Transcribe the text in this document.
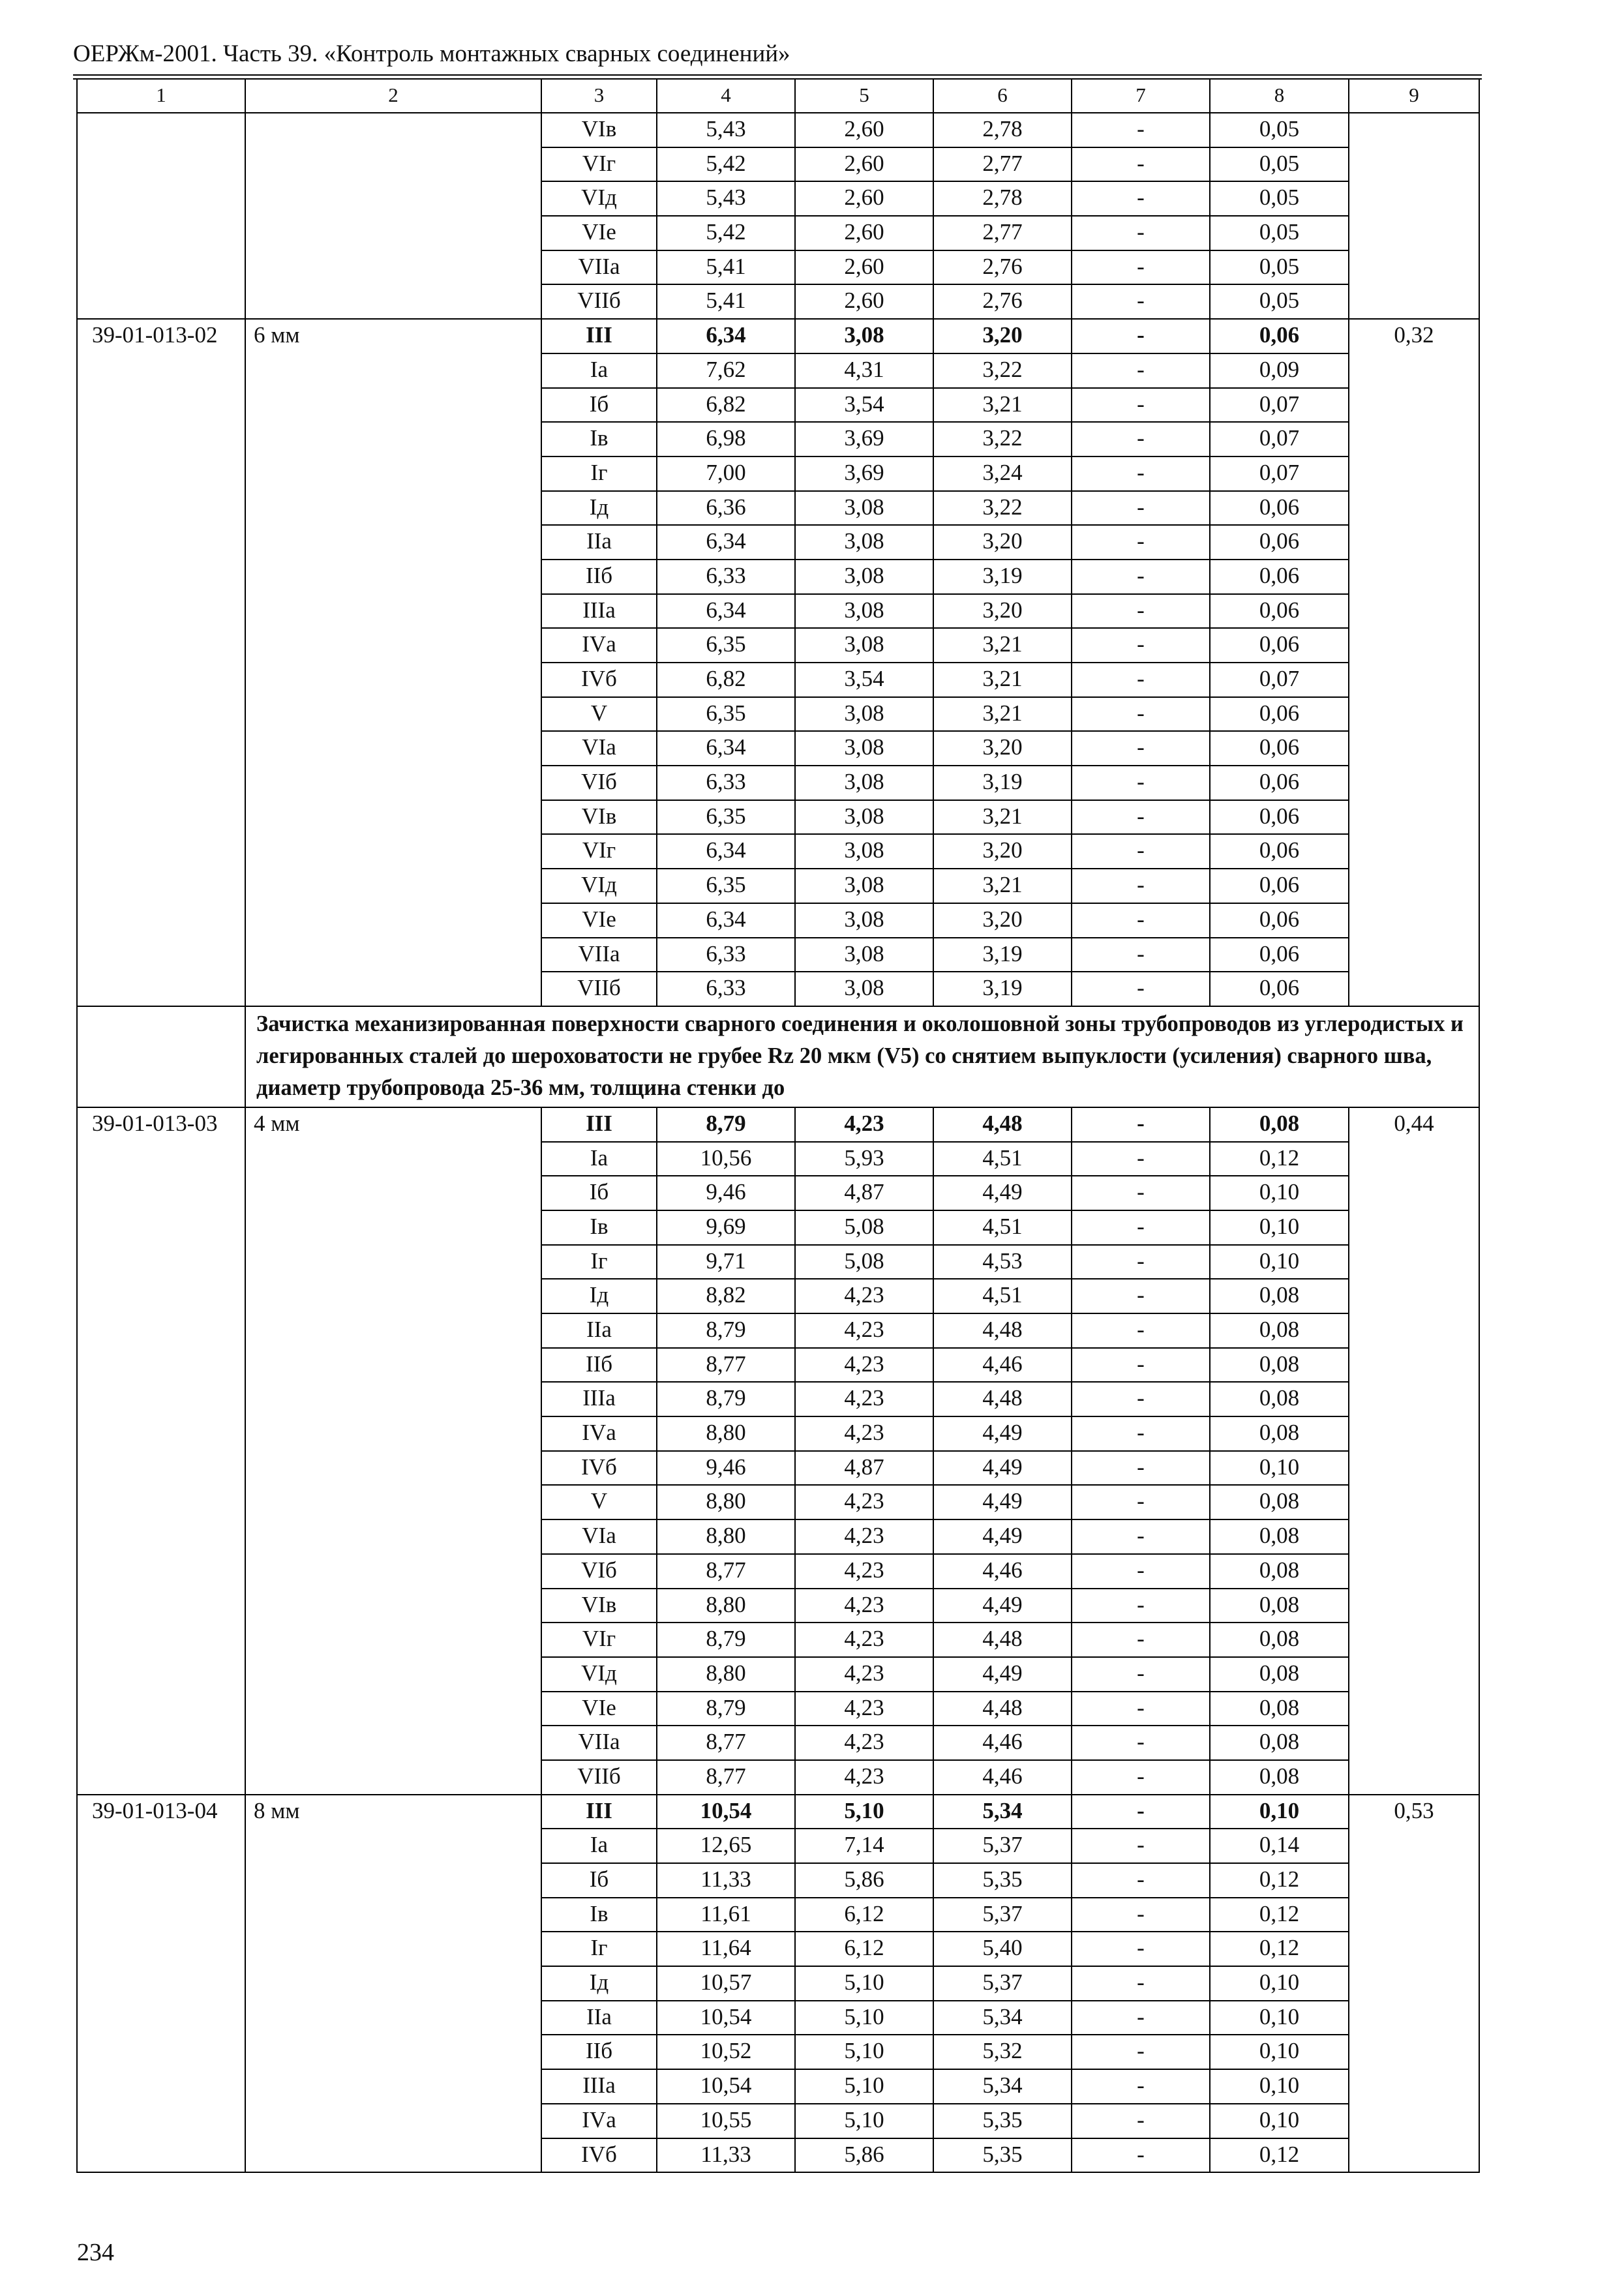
ОЕРЖм-2001. Часть 39. «Контроль монтажных сварных соединений»
1	2	3	4	5	6	7	8	9
		VIв	5,43	2,60	2,78	-	0,05	
		VIг	5,42	2,60	2,77	-	0,05	
		VIд	5,43	2,60	2,78	-	0,05	
		VIе	5,42	2,60	2,77	-	0,05	
		VIIа	5,41	2,60	2,76	-	0,05	
		VIIб	5,41	2,60	2,76	-	0,05	
39-01-013-02	6 мм	III	6,34	3,08	3,20	-	0,06	0,32
		Iа	7,62	4,31	3,22	-	0,09	
		Iб	6,82	3,54	3,21	-	0,07	
		Iв	6,98	3,69	3,22	-	0,07	
		Iг	7,00	3,69	3,24	-	0,07	
		Iд	6,36	3,08	3,22	-	0,06	
		IIа	6,34	3,08	3,20	-	0,06	
		IIб	6,33	3,08	3,19	-	0,06	
		IIIа	6,34	3,08	3,20	-	0,06	
		IVа	6,35	3,08	3,21	-	0,06	
		IVб	6,82	3,54	3,21	-	0,07	
		V	6,35	3,08	3,21	-	0,06	
		VIа	6,34	3,08	3,20	-	0,06	
		VIб	6,33	3,08	3,19	-	0,06	
		VIв	6,35	3,08	3,21	-	0,06	
		VIг	6,34	3,08	3,20	-	0,06	
		VIд	6,35	3,08	3,21	-	0,06	
		VIе	6,34	3,08	3,20	-	0,06	
		VIIа	6,33	3,08	3,19	-	0,06	
		VIIб	6,33	3,08	3,19	-	0,06	
	Зачистка механизированная поверхности сварного соединения и околошовной зоны трубопроводов из углеродистых и легированных сталей до шероховатости не грубее Rz 20 мкм (V5) со снятием выпуклости (усиления) сварного шва, диаметр трубопровода 25-36 мм, толщина стенки до							
39-01-013-03	4 мм	III	8,79	4,23	4,48	-	0,08	0,44
		Iа	10,56	5,93	4,51	-	0,12	
		Iб	9,46	4,87	4,49	-	0,10	
		Iв	9,69	5,08	4,51	-	0,10	
		Iг	9,71	5,08	4,53	-	0,10	
		Iд	8,82	4,23	4,51	-	0,08	
		IIа	8,79	4,23	4,48	-	0,08	
		IIб	8,77	4,23	4,46	-	0,08	
		IIIа	8,79	4,23	4,48	-	0,08	
		IVа	8,80	4,23	4,49	-	0,08	
		IVб	9,46	4,87	4,49	-	0,10	
		V	8,80	4,23	4,49	-	0,08	
		VIа	8,80	4,23	4,49	-	0,08	
		VIб	8,77	4,23	4,46	-	0,08	
		VIв	8,80	4,23	4,49	-	0,08	
		VIг	8,79	4,23	4,48	-	0,08	
		VIд	8,80	4,23	4,49	-	0,08	
		VIе	8,79	4,23	4,48	-	0,08	
		VIIа	8,77	4,23	4,46	-	0,08	
		VIIб	8,77	4,23	4,46	-	0,08	
39-01-013-04	8 мм	III	10,54	5,10	5,34	-	0,10	0,53
		Iа	12,65	7,14	5,37	-	0,14	
		Iб	11,33	5,86	5,35	-	0,12	
		Iв	11,61	6,12	5,37	-	0,12	
		Iг	11,64	6,12	5,40	-	0,12	
		Iд	10,57	5,10	5,37	-	0,10	
		IIа	10,54	5,10	5,34	-	0,10	
		IIб	10,52	5,10	5,32	-	0,10	
		IIIа	10,54	5,10	5,34	-	0,10	
		IVа	10,55	5,10	5,35	-	0,10	
		IVб	11,33	5,86	5,35	-	0,12	
234
